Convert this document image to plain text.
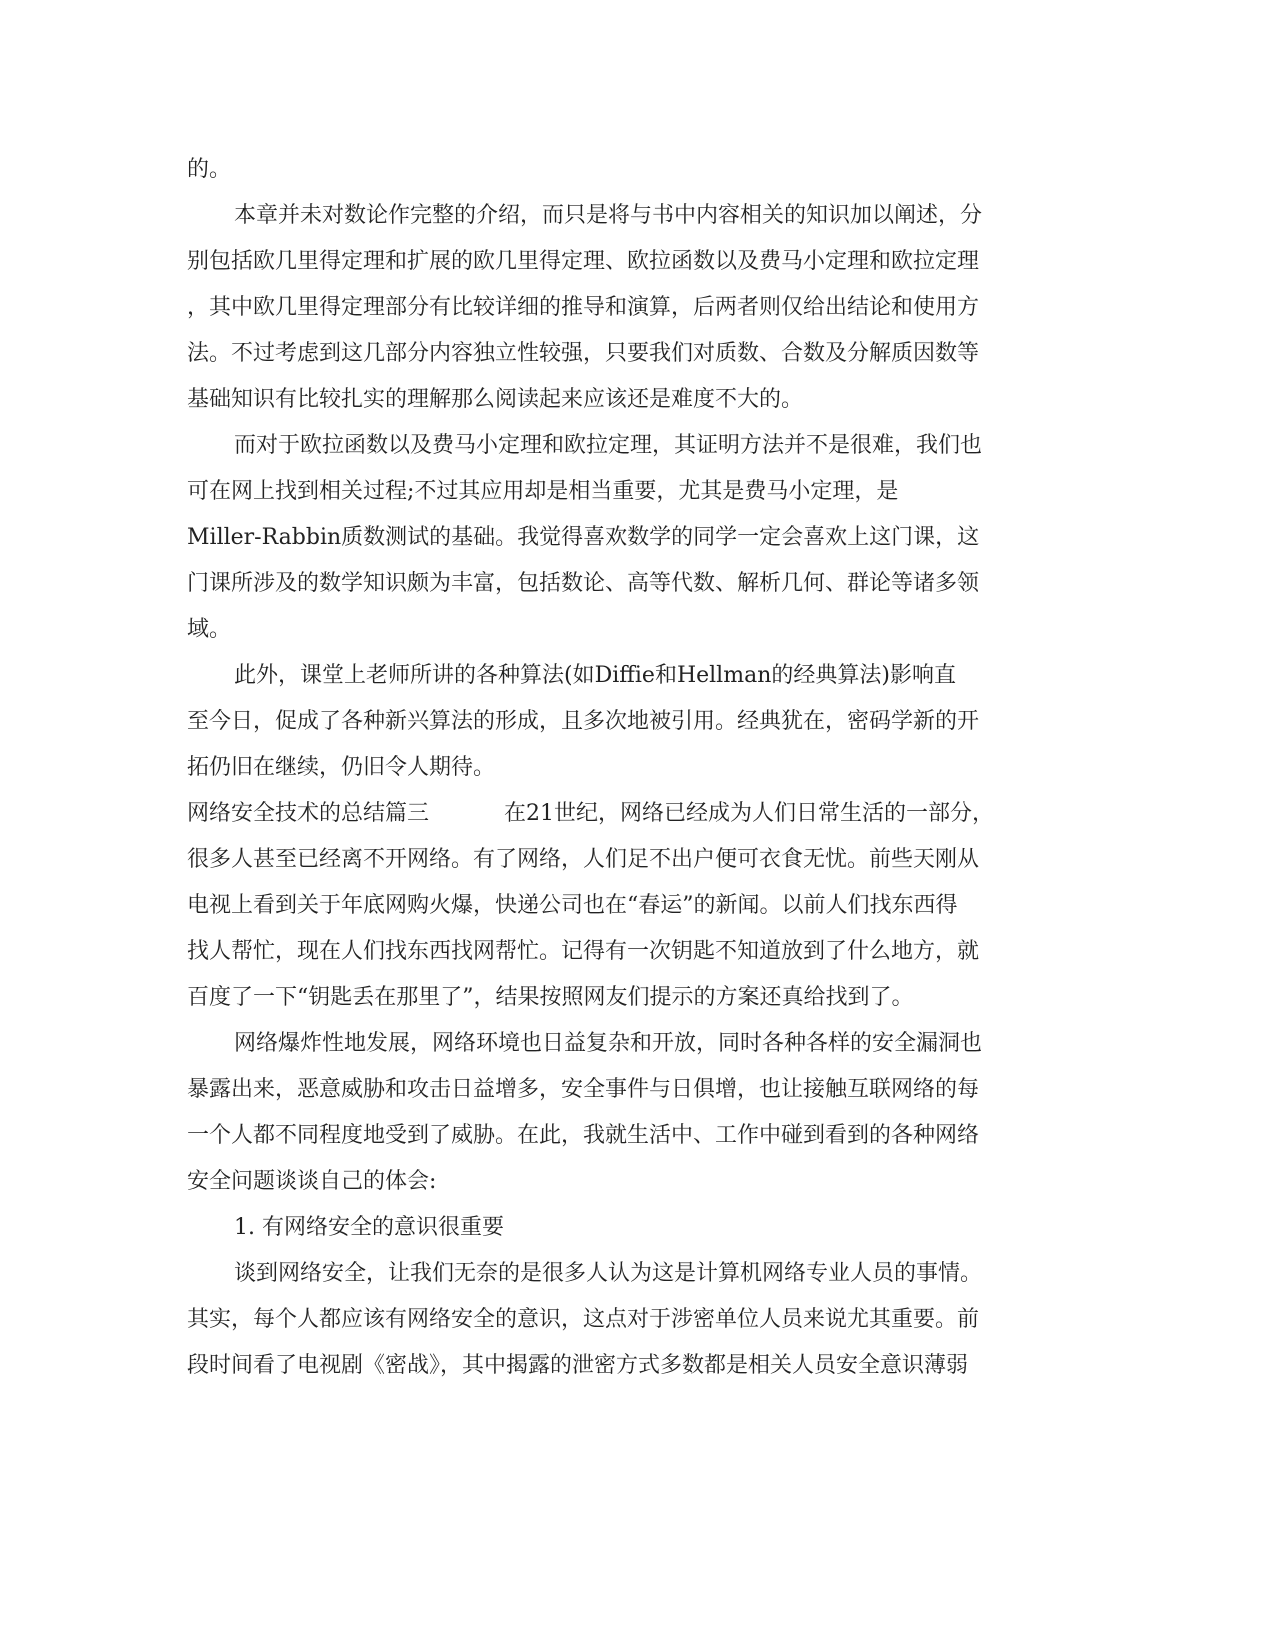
的。
本章并未对数论作完整的介绍，而只是将与书中内容相关的知识加以阐述，分
别包括欧几里得定理和扩展的欧几里得定理、欧拉函数以及费马小定理和欧拉定理
，其中欧几里得定理部分有比较详细的推导和演算，后两者则仅给出结论和使用方
法。不过考虑到这几部分内容独立性较强，只要我们对质数、合数及分解质因数等
基础知识有比较扎实的理解那么阅读起来应该还是难度不大的。
而对于欧拉函数以及费马小定理和欧拉定理，其证明方法并不是很难，我们也
可在网上找到相关过程;不过其应用却是相当重要，尤其是费马小定理，是
Miller-Rabbin质数测试的基础。我觉得喜欢数学的同学一定会喜欢上这门课，这
门课所涉及的数学知识颇为丰富，包括数论、高等代数、解析几何、群论等诸多领
域。
此外，课堂上老师所讲的各种算法(如Diffie和Hellman的经典算法)影响直
至今日，促成了各种新兴算法的形成，且多次地被引用。经典犹在，密码学新的开
拓仍旧在继续，仍旧令人期待。
网络安全技术的总结篇三	在21世纪，网络已经成为人们日常生活的一部分，
很多人甚至已经离不开网络。有了网络，人们足不出户便可衣食无忧。前些天刚从
电视上看到关于年底网购火爆，快递公司也在“春运”的新闻。以前人们找东西得
找人帮忙，现在人们找东西找网帮忙。记得有一次钥匙不知道放到了什么地方，就
百度了一下“钥匙丢在那里了”，结果按照网友们提示的方案还真给找到了。
网络爆炸性地发展，网络环境也日益复杂和开放，同时各种各样的安全漏洞也
暴露出来，恶意威胁和攻击日益增多，安全事件与日俱增，也让接触互联网络的每
一个人都不同程度地受到了威胁。在此，我就生活中、工作中碰到看到的各种网络
安全问题谈谈自己的体会:
1. 有网络安全的意识很重要
谈到网络安全，让我们无奈的是很多人认为这是计算机网络专业人员的事情。
其实，每个人都应该有网络安全的意识，这点对于涉密单位人员来说尤其重要。前
段时间看了电视剧《密战》，其中揭露的泄密方式多数都是相关人员安全意识薄弱
